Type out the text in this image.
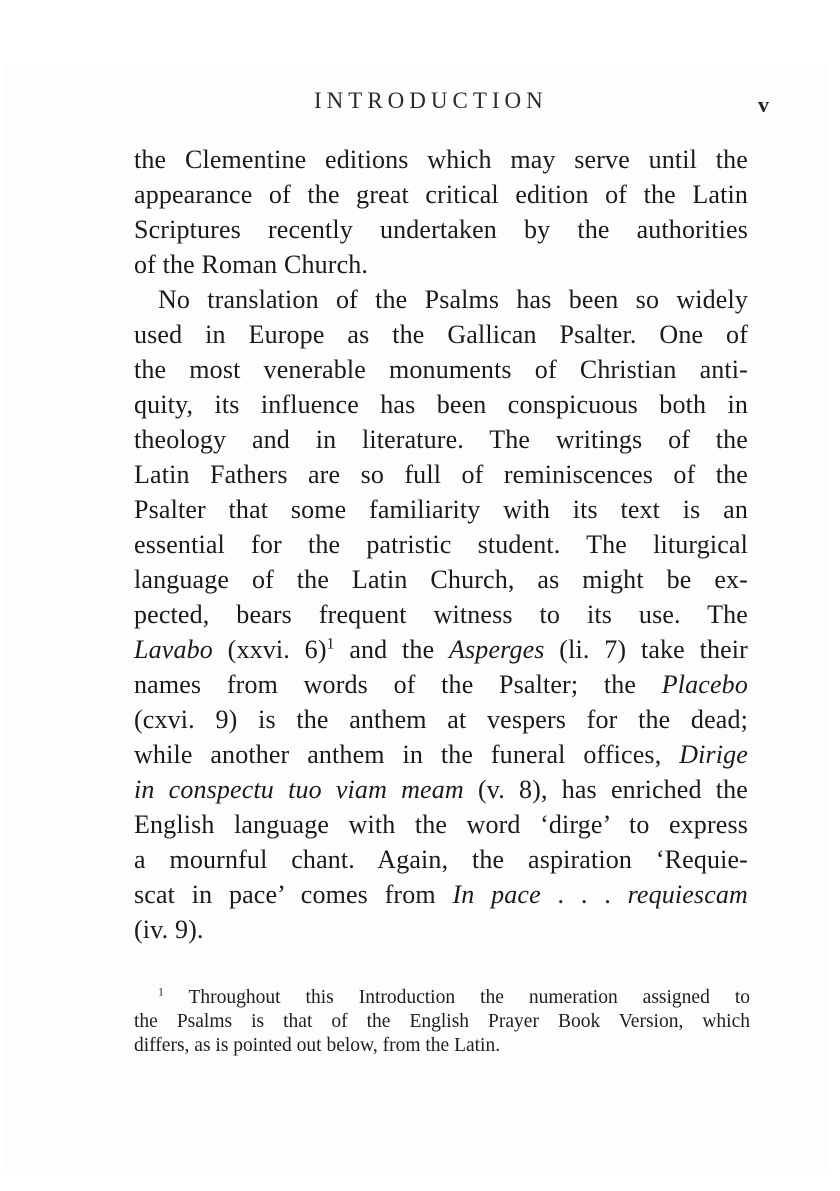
INTRODUCTION	v
the Clementine editions which may serve until the
appearance of the great critical edition of the Latin
Scriptures recently undertaken by the authorities
of the Roman Church.
No translation of the Psalms has been so widely
used in Europe as the Gallican Psalter. One of
the most venerable monuments of Christian anti-
quity, its influence has been conspicuous both in
theology and in literature. The writings of the
Latin Fathers are so full of reminiscences of the
Psalter that some familiarity with its text is an
essential for the patristic student. The liturgical
language of the Latin Church, as might be ex-
pected, bears frequent witness to its use. The
Lavabo (xxvi. 6)$^1$ and the Asperges (li. 7) take their
names from words of the Psalter; the Placebo
(cxvi. 9) is the anthem at vespers for the dead;
while another anthem in the funeral offices, Dirige
in conspectu tuo viam meam (v. 8), has enriched the
English language with the word ‘dirge’ to express
a mournful chant. Again, the aspiration ‘Requie-
scat in pace’ comes from In pace . . . requiescam
(iv. 9).
$^1$ Throughout this Introduction the numeration assigned to
the Psalms is that of the English Prayer Book Version, which
differs, as is pointed out below, from the Latin.
